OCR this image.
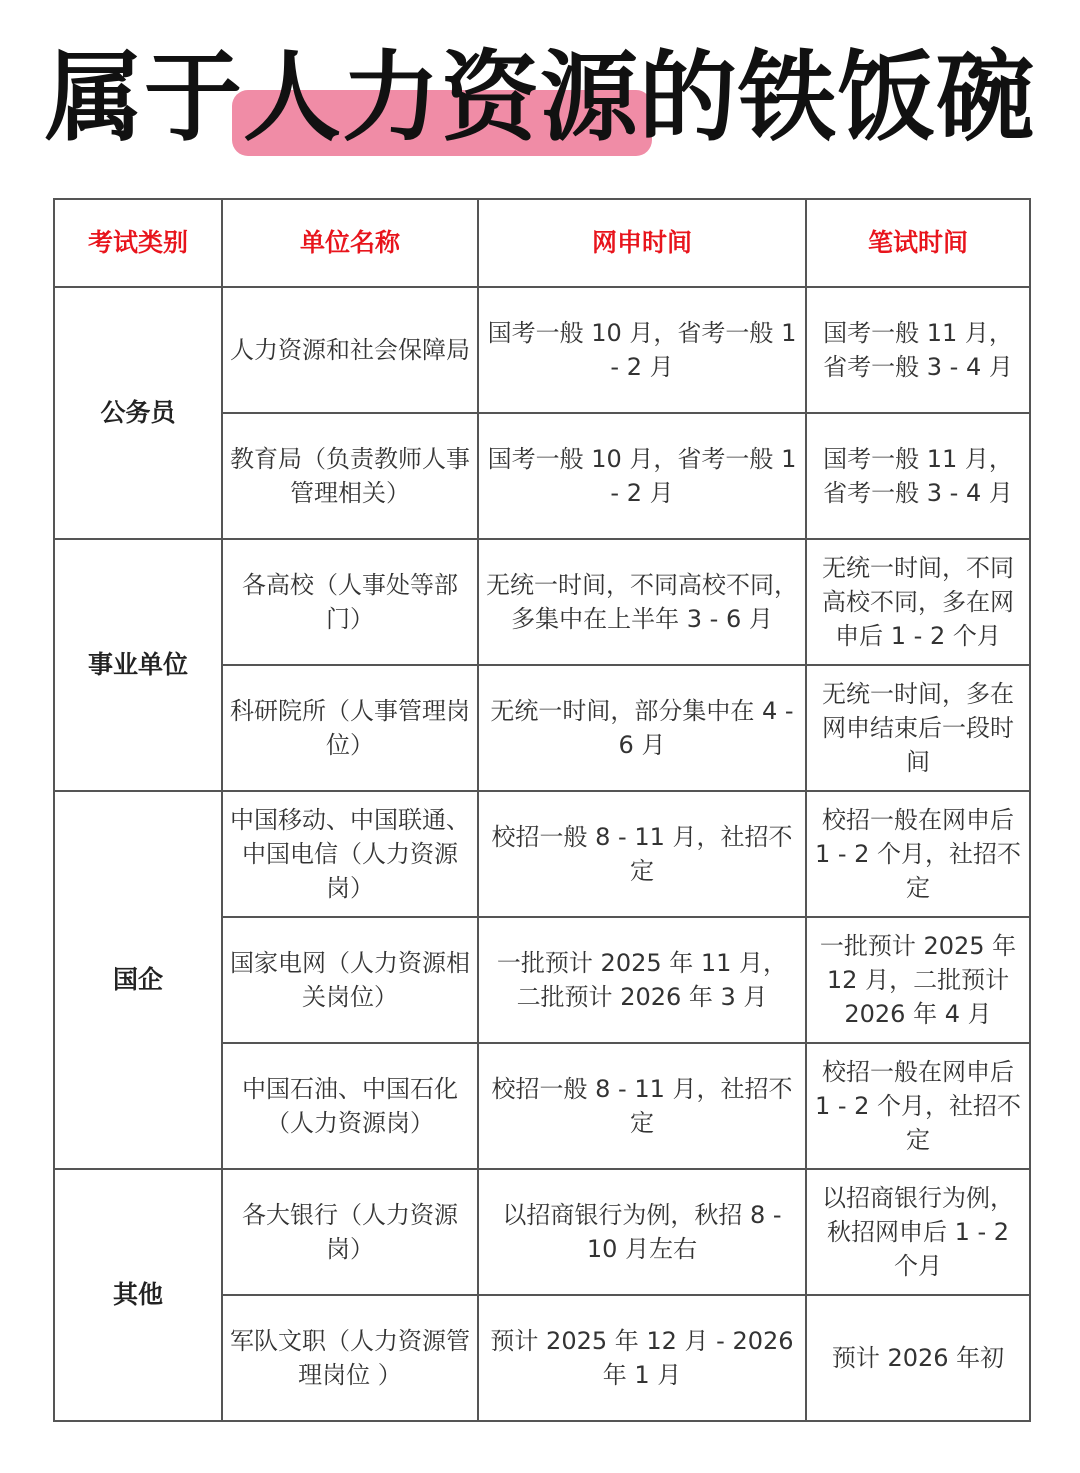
属于人力资源的铁饭碗
考试类别	单位名称	网申时间	笔试时间
公务员	人力资源和社会保障局	国考一般 10 月，省考一般 1 - 2 月	国考一般 11 月，省考一般 3 - 4 月
	教育局（负责教师人事管理相关）	国考一般 10 月，省考一般 1 - 2 月	国考一般 11 月，省考一般 3 - 4 月
事业单位	各高校（人事处等部门）	无统一时间，不同高校不同，多集中在上半年 3 - 6 月	无统一时间，不同高校不同，多在网申后 1 - 2 个月
	科研院所（人事管理岗位）	无统一时间，部分集中在 4 - 6 月	无统一时间，多在网申结束后一段时间
国企	中国移动、中国联通、中国电信（人力资源岗）	校招一般 8 - 11 月，社招不定	校招一般在网申后 1 - 2 个月，社招不定
	国家电网（人力资源相关岗位）	一批预计 2025 年 11 月，二批预计 2026 年 3 月	一批预计 2025 年 12 月，二批预计 2026 年 4 月
	中国石油、中国石化（人力资源岗）	校招一般 8 - 11 月，社招不定	校招一般在网申后 1 - 2 个月，社招不定
其他	各大银行（人力资源岗）	以招商银行为例，秋招 8 - 10 月左右	以招商银行为例，秋招网申后 1 - 2 个月
	军队文职（人力资源管理岗位 ）	预计 2025 年 12 月 - 2026 年 1 月	预计 2026 年初
